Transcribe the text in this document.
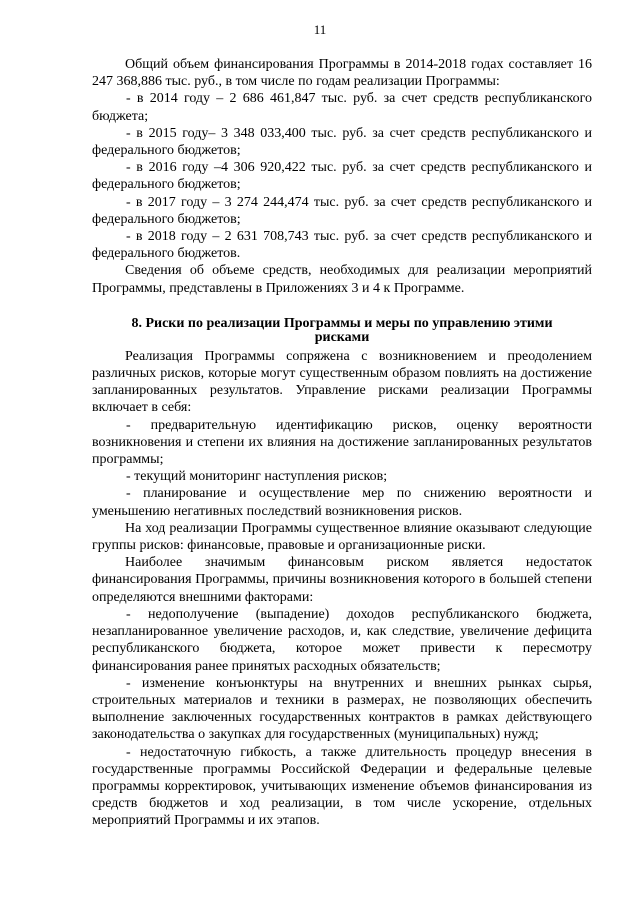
11

Общий объем финансирования Программы в 2014-2018 годах составляет 16 247 368,886 тыс. руб., в том числе по годам реализации Программы:

- в 2014 году – 2 686 461,847 тыс. руб. за счет средств республиканского бюджета;

- в 2015 году– 3 348 033,400 тыс. руб. за счет средств республиканского и федерального бюджетов;

- в 2016 году –4 306 920,422 тыс. руб. за счет средств республиканского и федерального бюджетов;

- в 2017 году – 3 274 244,474 тыс. руб. за счет средств республиканского и федерального бюджетов;

- в 2018 году – 2 631 708,743 тыс. руб. за счет средств республиканского и федерального бюджетов.

Сведения об объеме средств, необходимых для реализации мероприятий Программы, представлены в Приложениях 3 и 4 к Программе.

8. Риски по реализации Программы и меры по управлению этими рисками

Реализация Программы сопряжена с возникновением и преодолением различных рисков, которые могут существенным образом повлиять на достижение запланированных результатов. Управление рисками реализации Программы включает в себя:

- предварительную идентификацию рисков, оценку вероятности возникновения и степени их влияния на достижение запланированных результатов программы;

- текущий мониторинг наступления рисков;

- планирование и осуществление мер по снижению вероятности и уменьшению негативных последствий возникновения рисков.

На ход реализации Программы существенное влияние оказывают следующие группы рисков: финансовые, правовые и организационные риски.

Наиболее значимым финансовым риском является недостаток финансирования Программы, причины возникновения которого в большей степени определяются внешними факторами:

- недополучение (выпадение) доходов республиканского бюджета, незапланированное увеличение расходов, и, как следствие, увеличение дефицита республиканского бюджета, которое может привести к пересмотру финансирования ранее принятых расходных обязательств;

- изменение конъюнктуры на внутренних и внешних рынках сырья, строительных материалов и техники в размерах, не позволяющих обеспечить выполнение заключенных государственных контрактов в рамках действующего законодательства о закупках для государственных (муниципальных) нужд;

- недостаточную гибкость, а также длительность процедур внесения в государственные программы Российской Федерации и федеральные целевые программы корректировок, учитывающих изменение объемов финансирования из средств бюджетов и ход реализации, в том числе ускорение, отдельных мероприятий Программы и их этапов.
